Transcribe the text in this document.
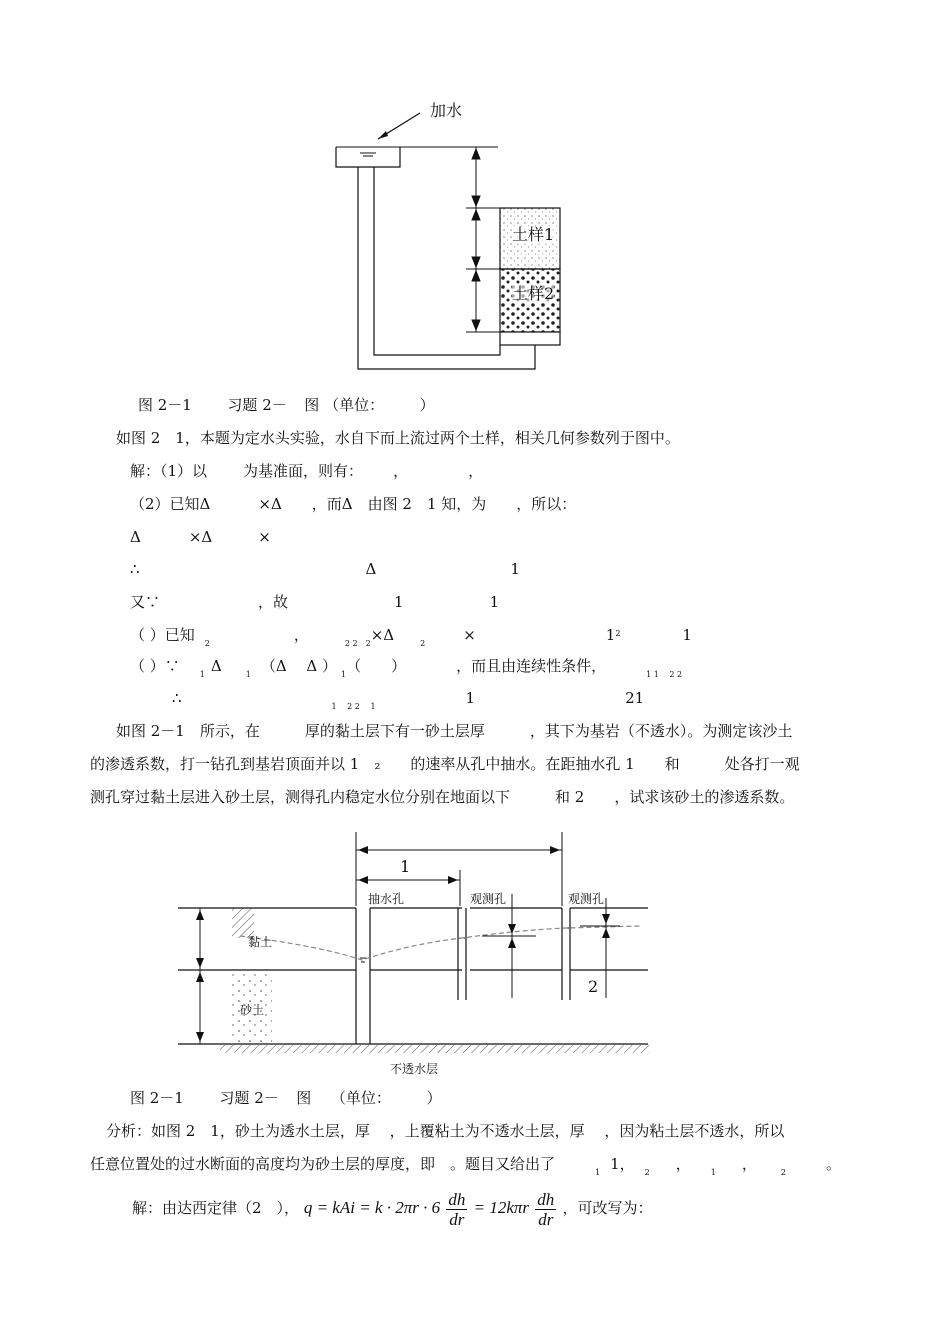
加水
土样1
土样2
图 2－1 习题 2－ 图 （单位： ）
如图 2　1，本题为定水头实验，水自下而上流过两个土样，相关几何参数列于图中。
解：（1）以 为基准面，则有： ，	，
（2）已知Δ	×Δ ，而Δ　由图 2　1 知，为 ，所以：
Δ	×Δ	×
∴	Δ	1
又∵	，故	1	1
（ ）已知 $_2$	，	$_{2 2 2}$×Δ	$_2$	×	$1^2$	1
（ ）∵	$_1$ Δ	$_1$ （Δ　 Δ ） $_1$（　　）	，而且由连续性条件，	$_{1 1 2 2}$
∴	$_{1 2 2 1}$	1	21
如图 2－1　所示，在　　　厚的黏土层下有一砂土层厚　　　，其下为基岩（不透水）。为测定该沙土
的渗透系数，打一钻孔到基岩顶面并以 1　₂　　的速率从孔中抽水。在距抽水孔 1　　和　　　处各打一观
测孔穿过黏土层进入砂土层，测得孔内稳定水位分别在地面以下　　　和 2　　，试求该砂土的渗透系数。
1
抽水孔	观测孔	观测孔
黏土
砂土
2
不透水层
图 2－1 习题 2－ 图 （单位： ）
分析：如图 2　1，砂土为透水土层，厚　 ，上覆粘土为不透水土层，厚　 ，因为粘土层不透水，所以
任意位置处的过水断面的高度均为砂土层的厚度，即　。题目又给出了	$_1$ 1， $_2$ ，	$_1$ ，	$_2$	。
解：由达西定律（2　）， q = kAi = $k \cdot 2\pi r \cdot 6 \frac{dh}{dr} = 12k\pi r \frac{dh}{dr}$ ，可改写为：
